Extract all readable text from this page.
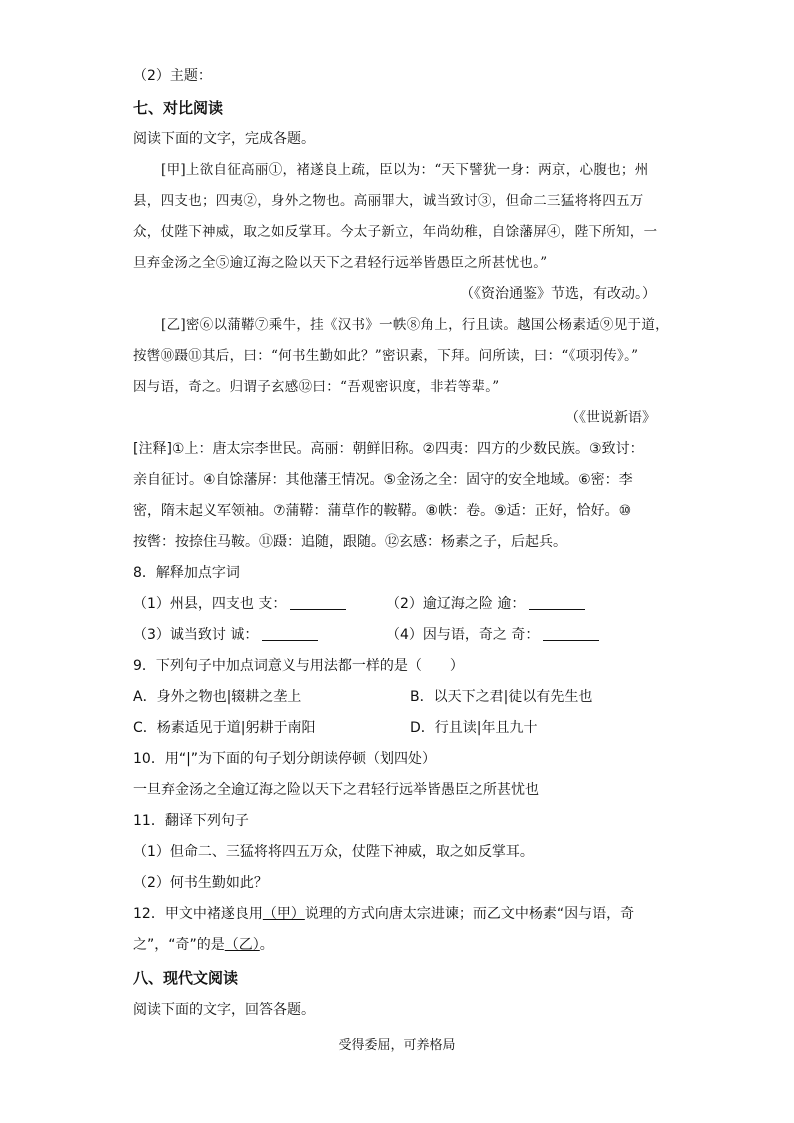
（2）主题：
七、对比阅读
阅读下面的文字，完成各题。
[甲]上欲自征高丽①，褚遂良上疏，臣以为：“天下譬犹一身：两京，心腹也；州
县，四支也；四夷②，身外之物也。高丽罪大，诚当致讨③，但命二三猛将将四五万
众，仗陛下神威，取之如反掌耳。今太子新立，年尚幼稚，自馀藩屏④，陛下所知，一
旦弃金汤之全⑤逾辽海之险以天下之君轻行远举皆愚臣之所甚忧也。”
（《资治通鉴》节选，有改动。）
[乙]密⑥以蒲鞯⑦乘牛，挂《汉书》一帙⑧角上，行且读。越国公杨素适⑨见于道，
按辔⑩蹑⑪其后，曰：“何书生勤如此？”密识素，下拜。问所读，曰：“《项羽传》。”
因与语，奇之。归谓子玄感⑫曰：“吾观密识度，非若等辈。”
（《世说新语》
[注释]①上：唐太宗李世民。高丽：朝鲜旧称。②四夷：四方的少数民族。③致讨：
亲自征讨。④自馀藩屏：其他藩王情况。⑤金汤之全：固守的安全地域。⑥密：李
密，隋末起义军领袖。⑦蒲鞯：蒲草作的鞍鞯。⑧帙：卷。⑨适：正好，恰好。⑩
按辔：按捺住马鞍。⑪蹑：追随，跟随。⑫玄感：杨素之子，后起兵。
8．解释加点字词
（1）州县，四支也 支：	（2）逾辽海之险 逾：
（3）诚当致讨 诚：	（4）因与语，奇之 奇：
9．下列句子中加点词意义与用法都一样的是（　　）
A．身外之物也|辍耕之垄上	B．以天下之君|徒以有先生也
C．杨素适见于道|躬耕于南阳	D．行且读|年且九十
10．用“|”为下面的句子划分朗读停顿（划四处）
一旦弃金汤之全逾辽海之险以天下之君轻行远举皆愚臣之所甚忧也
11．翻译下列句子
（1）但命二、三猛将将四五万众，仗陛下神威，取之如反掌耳。
（2）何书生勤如此？
12．甲文中褚遂良用（甲）说理的方式向唐太宗进谏；而乙文中杨素“因与语，奇
之”，“奇”的是（乙）。
八、现代文阅读
阅读下面的文字，回答各题。
受得委屈，可养格局
